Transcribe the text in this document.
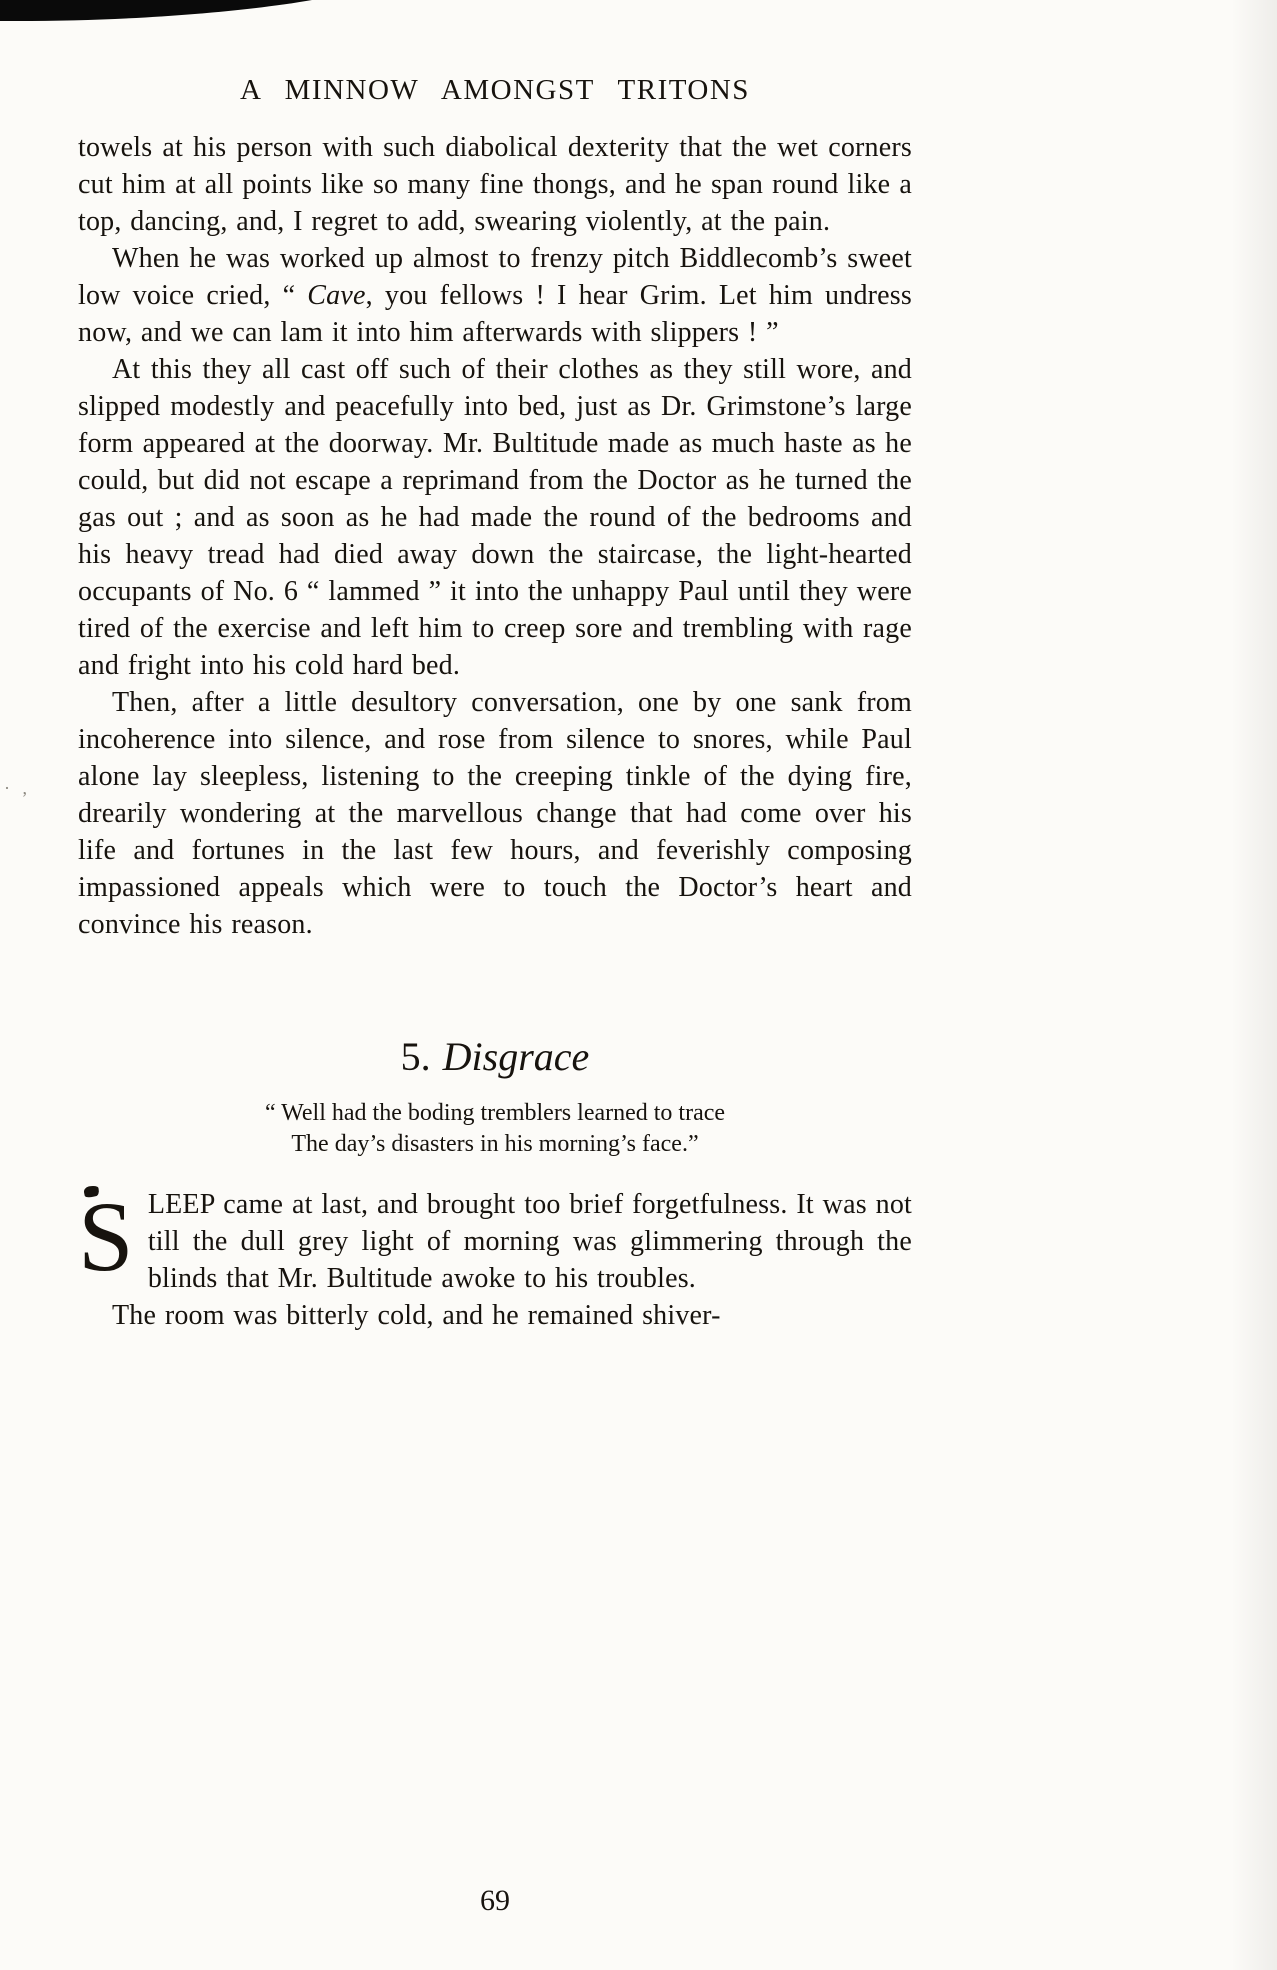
· ,
A MINNOW AMONGST TRITONS

towels at his person with such diabolical dexterity that the wet corners cut him at all points like so many fine thongs, and he span round like a top, dancing, and, I regret to add, swearing violently, at the pain.

When he was worked up almost to frenzy pitch Biddlecomb’s sweet low voice cried, “ Cave, you fellows ! I hear Grim. Let him undress now, and we can lam it into him afterwards with slippers ! ”

At this they all cast off such of their clothes as they still wore, and slipped modestly and peacefully into bed, just as Dr. Grimstone’s large form appeared at the doorway. Mr. Bultitude made as much haste as he could, but did not escape a reprimand from the Doctor as he turned the gas out ; and as soon as he had made the round of the bedrooms and his heavy tread had died away down the staircase, the light-hearted occupants of No. 6 “ lammed ” it into the unhappy Paul until they were tired of the exercise and left him to creep sore and trembling with rage and fright into his cold hard bed.

Then, after a little desultory conversation, one by one sank from incoherence into silence, and rose from silence to snores, while Paul alone lay sleepless, listening to the creeping tinkle of the dying fire, drearily wondering at the marvellous change that had come over his life and fortunes in the last few hours, and feverishly composing impassioned appeals which were to touch the Doctor’s heart and convince his reason.

5. Disgrace
“ Well had the boding tremblers learned to trace
The day’s disasters in his morning’s face.”

SLEEP came at last, and brought too brief forgetfulness. It was not till the dull grey light of morning was glimmering through the blinds that Mr. Bultitude awoke to his troubles.

The room was bitterly cold, and he remained shiver-

69
